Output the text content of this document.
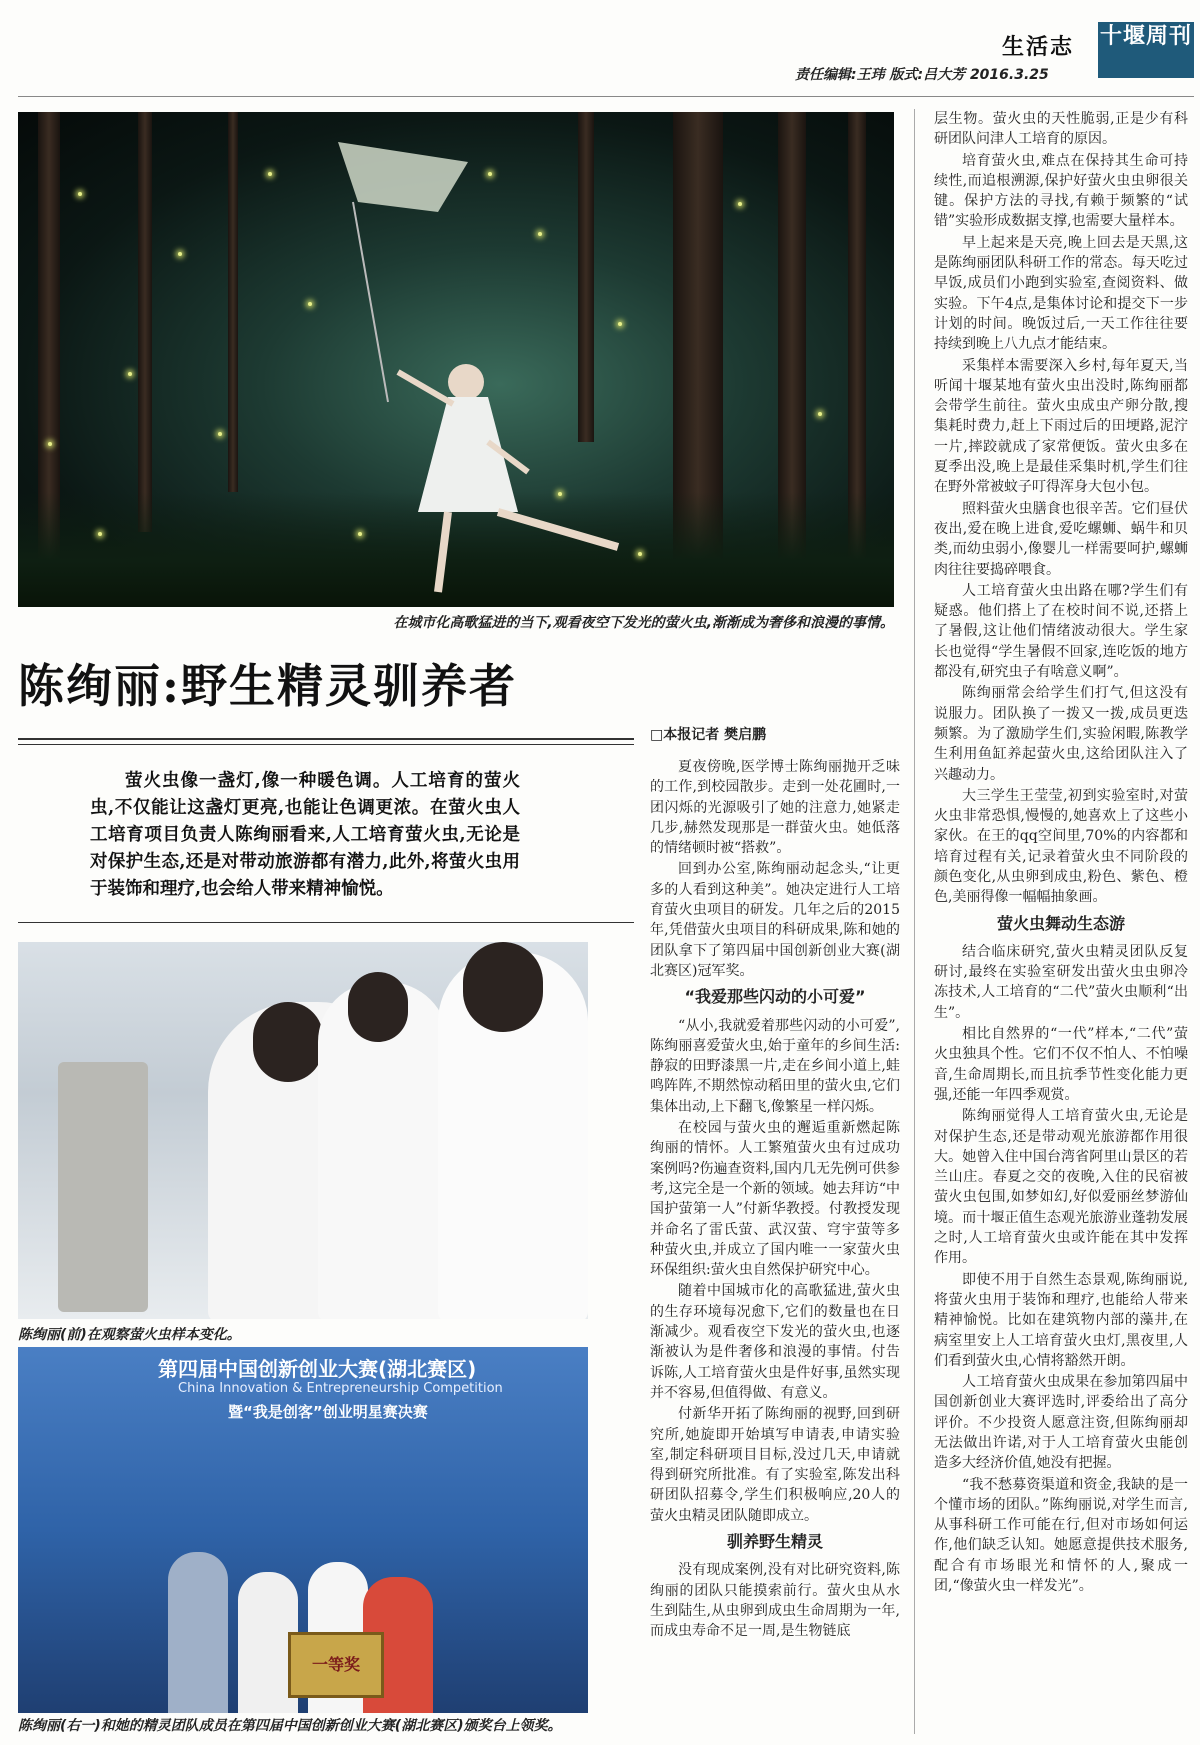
生活志 十堰周刊
责任编辑:王玮 版式:吕大芳 2016.3.25
在城市化高歌猛进的当下,观看夜空下发光的萤火虫,渐渐成为奢侈和浪漫的事情。
陈绚丽:野生精灵驯养者
萤火虫像一盏灯,像一种暖色调。人工培育的萤火虫,不仅能让这盏灯更亮,也能让色调更浓。在萤火虫人工培育项目负责人陈绚丽看来,人工培育萤火虫,无论是对保护生态,还是对带动旅游都有潜力,此外,将萤火虫用于装饰和理疗,也会给人带来精神愉悦。
陈绚丽(前)在观察萤火虫样本变化。
第四届中国创新创业大赛(湖北赛区)
China Innovation & Entrepreneurship Competition
暨“我是创客”创业明星赛决赛
一等奖
陈绚丽(右一)和她的精灵团队成员在第四届中国创新创业大赛(湖北赛区)颁奖台上领奖。
□本报记者 樊启鹏

夏夜傍晚,医学博士陈绚丽抛开乏味的工作,到校园散步。走到一处花圃时,一团闪烁的光源吸引了她的注意力,她紧走几步,赫然发现那是一群萤火虫。她低落的情绪顿时被“搭救”。

回到办公室,陈绚丽动起念头,“让更多的人看到这种美”。她决定进行人工培育萤火虫项目的研发。几年之后的2015年,凭借萤火虫项目的科研成果,陈和她的团队拿下了第四届中国创新创业大赛(湖北赛区)冠军奖。

“我爱那些闪动的小可爱”

“从小,我就爱着那些闪动的小可爱”,陈绚丽喜爱萤火虫,始于童年的乡间生活:静寂的田野漆黑一片,走在乡间小道上,蛙鸣阵阵,不期然惊动稻田里的萤火虫,它们集体出动,上下翻飞,像繁星一样闪烁。

在校园与萤火虫的邂逅重新燃起陈绚丽的情怀。人工繁殖萤火虫有过成功案例吗?伤遍查资料,国内几无先例可供参考,这完全是一个新的领域。她去拜访“中国护萤第一人”付新华教授。付教授发现并命名了雷氏萤、武汉萤、穹宇萤等多种萤火虫,并成立了国内唯一一家萤火虫环保组织:萤火虫自然保护研究中心。

随着中国城市化的高歌猛进,萤火虫的生存环境每况愈下,它们的数量也在日渐减少。观看夜空下发光的萤火虫,也逐渐被认为是件奢侈和浪漫的事情。付告诉陈,人工培育萤火虫是件好事,虽然实现并不容易,但值得做、有意义。

付新华开拓了陈绚丽的视野,回到研究所,她旋即开始填写申请表,申请实验室,制定科研项目目标,没过几天,申请就得到研究所批准。有了实验室,陈发出科研团队招募令,学生们积极响应,20人的萤火虫精灵团队随即成立。

驯养野生精灵

没有现成案例,没有对比研究资料,陈绚丽的团队只能摸索前行。萤火虫从水生到陆生,从虫卵到成虫生命周期为一年,而成虫寿命不足一周,是生物链底

层生物。萤火虫的天性脆弱,正是少有科研团队问津人工培育的原因。

培育萤火虫,难点在保持其生命可持续性,而追根溯源,保护好萤火虫虫卵很关键。保护方法的寻找,有赖于频繁的“试错”实验形成数据支撑,也需要大量样本。

早上起来是天亮,晚上回去是天黑,这是陈绚丽团队科研工作的常态。每天吃过早饭,成员们小跑到实验室,查阅资料、做实验。下午4点,是集体讨论和提交下一步计划的时间。晚饭过后,一天工作往往要持续到晚上八九点才能结束。

采集样本需要深入乡村,每年夏天,当听闻十堰某地有萤火虫出没时,陈绚丽都会带学生前往。萤火虫成虫产卵分散,搜集耗时费力,赶上下雨过后的田埂路,泥泞一片,摔跤就成了家常便饭。萤火虫多在夏季出没,晚上是最佳采集时机,学生们往在野外常被蚊子叮得浑身大包小包。

照料萤火虫膳食也很辛苦。它们昼伏夜出,爱在晚上进食,爱吃螺蛳、蜗牛和贝类,而幼虫弱小,像婴儿一样需要呵护,螺蛳肉往往要捣碎喂食。

人工培育萤火虫出路在哪?学生们有疑惑。他们搭上了在校时间不说,还搭上了暑假,这让他们情绪波动很大。学生家长也觉得“学生暑假不回家,连吃饭的地方都没有,研究虫子有啥意义啊”。

陈绚丽常会给学生们打气,但这没有说服力。团队换了一拨又一拨,成员更迭频繁。为了激励学生们,实验闲暇,陈教学生利用鱼缸养起萤火虫,这给团队注入了兴趣动力。

大三学生王莹莹,初到实验室时,对萤火虫非常恐惧,慢慢的,她喜欢上了这些小家伙。在王的qq空间里,70%的内容都和培育过程有关,记录着萤火虫不同阶段的颜色变化,从虫卵到成虫,粉色、紫色、橙色,美丽得像一幅幅抽象画。

萤火虫舞动生态游

结合临床研究,萤火虫精灵团队反复研讨,最终在实验室研发出萤火虫虫卵冷冻技术,人工培育的“二代”萤火虫顺利“出生”。

相比自然界的“一代”样本,“二代”萤火虫独具个性。它们不仅不怕人、不怕噪音,生命周期长,而且抗季节性变化能力更强,还能一年四季观赏。

陈绚丽觉得人工培育萤火虫,无论是对保护生态,还是带动观光旅游都作用很大。她曾入住中国台湾省阿里山景区的若兰山庄。春夏之交的夜晚,入住的民宿被萤火虫包围,如梦如幻,好似爱丽丝梦游仙境。而十堰正值生态观光旅游业蓬勃发展之时,人工培育萤火虫或许能在其中发挥作用。

即使不用于自然生态景观,陈绚丽说,将萤火虫用于装饰和理疗,也能给人带来精神愉悦。比如在建筑物内部的藻井,在病室里安上人工培育萤火虫灯,黑夜里,人们看到萤火虫,心情将豁然开朗。

人工培育萤火虫成果在参加第四届中国创新创业大赛评选时,评委给出了高分评价。不少投资人愿意注资,但陈绚丽却无法做出许诺,对于人工培育萤火虫能创造多大经济价值,她没有把握。

“我不愁募资渠道和资金,我缺的是一个懂市场的团队。”陈绚丽说,对学生而言,从事科研工作可能在行,但对市场如何运作,他们缺乏认知。她愿意提供技术服务,配合有市场眼光和情怀的人,聚成一团,“像萤火虫一样发光”。
